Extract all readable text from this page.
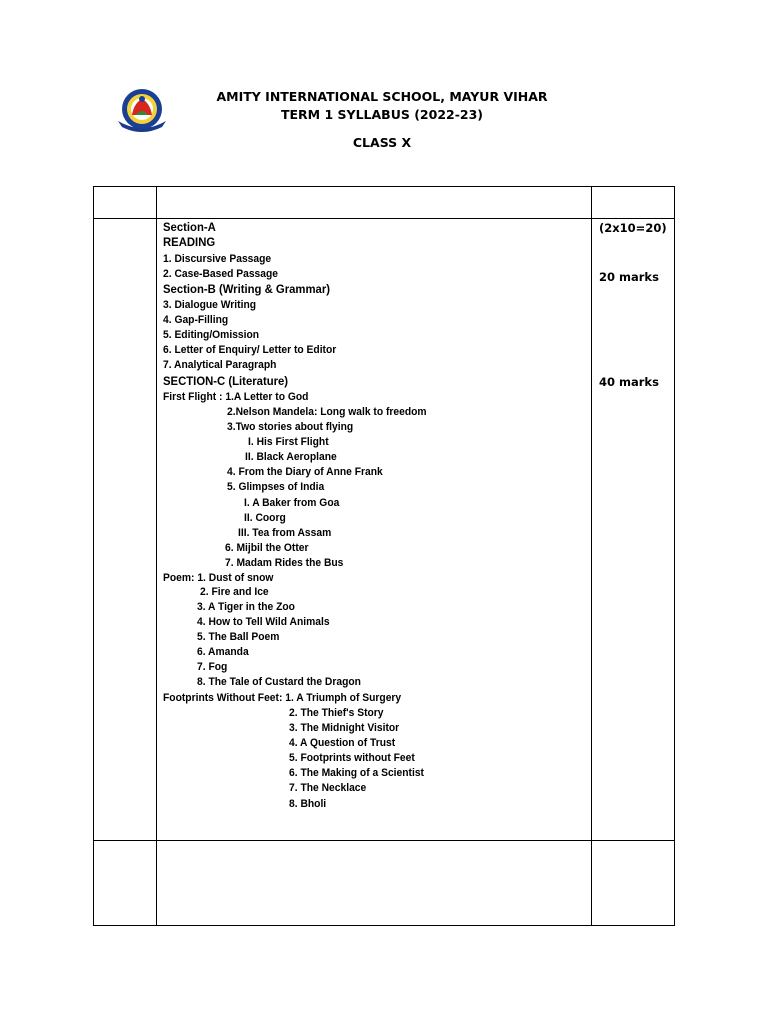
AMITY INTERNATIONAL SCHOOL, MAYUR VIHAR
TERM 1 SYLLABUS (2022-23)
CLASS X
Section-A
READING
1. Discursive Passage
2. Case-Based Passage
Section-B (Writing & Grammar)
3. Dialogue Writing
4. Gap-Filling
5. Editing/Omission
6. Letter of Enquiry/ Letter to Editor
7. Analytical Paragraph
SECTION-C (Literature)
First Flight : 1.A Letter to God
2.Nelson Mandela: Long walk to freedom
3.Two stories about flying
I. His First Flight
II. Black Aeroplane
4. From the Diary of Anne Frank
5. Glimpses of India
I. A Baker from Goa
II. Coorg
III. Tea from Assam
6. Mijbil the Otter
7. Madam Rides the Bus
Poem: 1. Dust of snow
2. Fire and Ice
3. A Tiger in the Zoo
4. How to Tell Wild Animals
5. The Ball Poem
6. Amanda
7. Fog
8. The Tale of Custard the Dragon
Footprints Without Feet: 1. A Triumph of Surgery
2. The Thief's Story
3. The Midnight Visitor
4. A Question of Trust
5. Footprints without Feet
6. The Making of a Scientist
7. The Necklace
8. Bholi
(2x10=20)
20 marks
40 marks
